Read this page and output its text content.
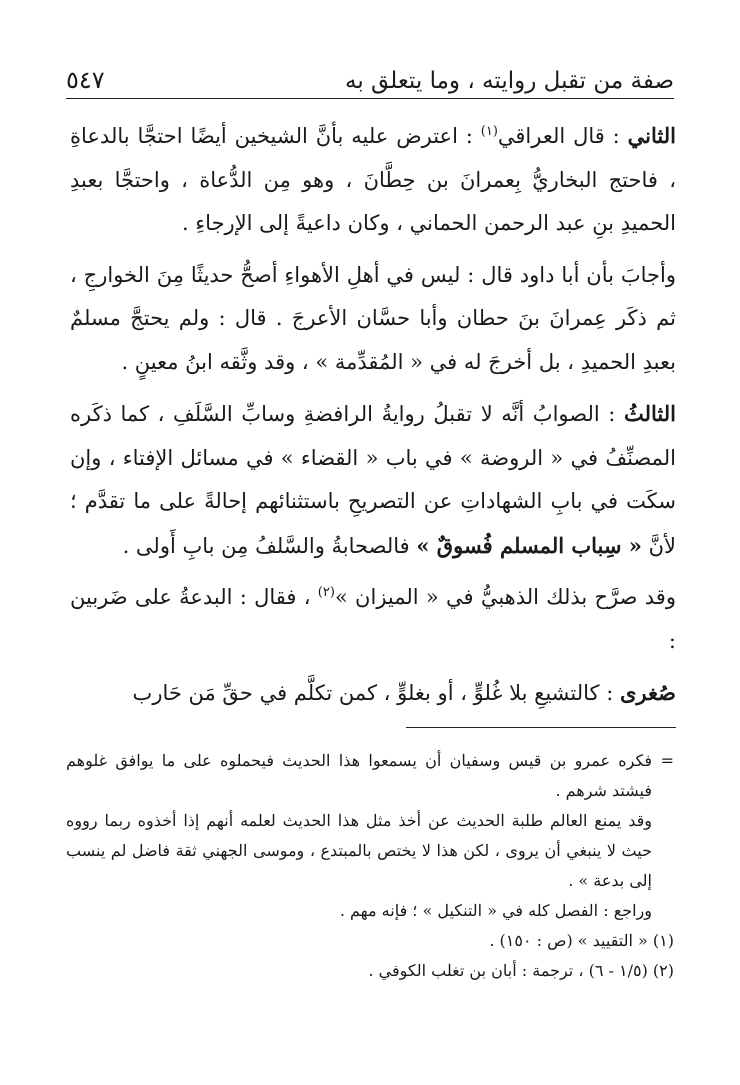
صفة من تقبل روايته ، وما يتعلق به
٥٤٧

الثاني : قال العراقي$^{(١)}$ : اعترض عليه بأنَّ الشيخين أيضًا احتجَّا بالدعاةِ ، فاحتج البخاريُّ بِعمرانَ بن حِطَّانَ ، وهو مِن الدُّعاة ، واحتجَّا بعبدِ الحميدِ بنِ عبد الرحمن الحماني ، وكان داعيةً إلى الإرجاءِ .

وأجابَ بأن أبا داود قال : ليس في أهلِ الأهواءِ أصحُّ حديثًا مِنَ الخوارجِ ، ثم ذكَر عِمرانَ بنَ حطان وأبا حسَّان الأعرجَ . قال : ولم يحتجَّ مسلمٌ بعبدِ الحميدِ ، بل أخرجَ له في « المُقدِّمة » ، وقد وثَّقه ابنُ معينٍ .

الثالثُ : الصوابُ أنَّه لا تقبلُ روايةُ الرافضةِ وسابِّ السَّلَفِ ، كما ذكَره المصنِّفُ في « الروضة » في باب « القضاء » في مسائل الإفتاء ، وإن سكَت في بابِ الشهاداتِ عن التصريحِ باستثنائهم إحالةً على ما تقدَّم ؛ لأنَّ « سِباب المسلم فُسوقٌ » فالصحابةُ والسَّلفُ مِن بابِ أَولى .

وقد صرَّح بذلك الذهبيُّ في « الميزان »$^{(٢)}$ ، فقال : البدعةُ على ضَربين :

صُغرى : كالتشيعِ بلا غُلوٍّ ، أو بغلوٍّ ، كمن تكلَّم في حقِّ مَن حَارب

=
فكره عمرو بن قيس وسفيان أن يسمعوا هذا الحديث فيحملوه على ما يوافق غلوهم فيشتد شرهم .

وقد يمنع العالم طلبة الحديث عن أخذ مثل هذا الحديث لعلمه أنهم إذا أخذوه ربما رووه حيث لا ينبغي أن يروى ، لكن هذا لا يختص بالمبتدع ، وموسى الجهني ثقة فاضل لم ينسب إلى بدعة » .

وراجع : الفصل كله في « التنكيل » ؛ فإنه مهم .

(١) « التقييد » (ص : ١٥٠) .

(٢) (١/٥ - ٦) ، ترجمة : أبان بن تغلب الكوفي .
